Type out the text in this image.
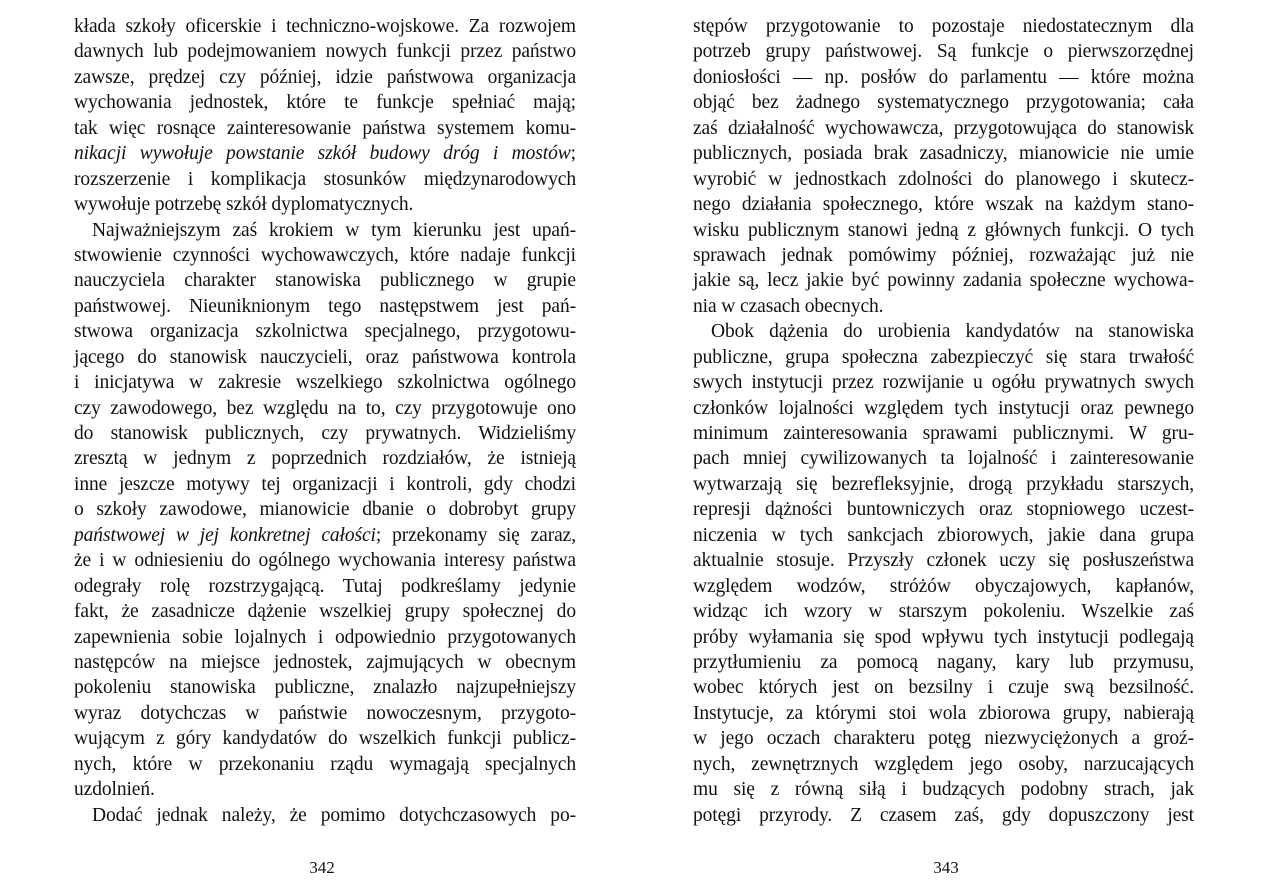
kłada szkoły oficerskie i techniczno-wojskowe. Za rozwojem
dawnych lub podejmowaniem nowych funkcji przez państwo
zawsze, prędzej czy później, idzie państwowa organizacja
wychowania jednostek, które te funkcje spełniać mają;
tak więc rosnące zainteresowanie państwa systemem komu-
nikacji wywołuje powstanie szkół budowy dróg i mostów;
rozszerzenie i komplikacja stosunków międzynarodowych
wywołuje potrzebę szkół dyplomatycznych.
Najważniejszym zaś krokiem w tym kierunku jest upań-
stwowienie czynności wychowawczych, które nadaje funkcji
nauczyciela charakter stanowiska publicznego w grupie
państwowej. Nieuniknionym tego następstwem jest pań-
stwowa organizacja szkolnictwa specjalnego, przygotowu-
jącego do stanowisk nauczycieli, oraz państwowa kontrola
i inicjatywa w zakresie wszelkiego szkolnictwa ogólnego
czy zawodowego, bez względu na to, czy przygotowuje ono
do stanowisk publicznych, czy prywatnych. Widzieliśmy
zresztą w jednym z poprzednich rozdziałów, że istnieją
inne jeszcze motywy tej organizacji i kontroli, gdy chodzi
o szkoły zawodowe, mianowicie dbanie o dobrobyt grupy
państwowej w jej konkretnej całości; przekonamy się zaraz,
że i w odniesieniu do ogólnego wychowania interesy państwa
odegrały rolę rozstrzygającą. Tutaj podkreślamy jedynie
fakt, że zasadnicze dążenie wszelkiej grupy społecznej do
zapewnienia sobie lojalnych i odpowiednio przygotowanych
następców na miejsce jednostek, zajmujących w obecnym
pokoleniu stanowiska publiczne, znalazło najzupełniejszy
wyraz dotychczas w państwie nowoczesnym, przygoto-
wującym z góry kandydatów do wszelkich funkcji publicz-
nych, które w przekonaniu rządu wymagają specjalnych
uzdolnień.
Dodać jednak należy, że pomimo dotychczasowych po-
342
stępów przygotowanie to pozostaje niedostatecznym dla
potrzeb grupy państwowej. Są funkcje o pierwszorzędnej
doniosłości — np. posłów do parlamentu — które można
objąć bez żadnego systematycznego przygotowania; cała
zaś działalność wychowawcza, przygotowująca do stanowisk
publicznych, posiada brak zasadniczy, mianowicie nie umie
wyrobić w jednostkach zdolności do planowego i skutecz-
nego działania społecznego, które wszak na każdym stano-
wisku publicznym stanowi jedną z głównych funkcji. O tych
sprawach jednak pomówimy później, rozważając już nie
jakie są, lecz jakie być powinny zadania społeczne wychowa-
nia w czasach obecnych.
Obok dążenia do urobienia kandydatów na stanowiska
publiczne, grupa społeczna zabezpieczyć się stara trwałość
swych instytucji przez rozwijanie u ogółu prywatnych swych
członków lojalności względem tych instytucji oraz pewnego
minimum zainteresowania sprawami publicznymi. W gru-
pach mniej cywilizowanych ta lojalność i zainteresowanie
wytwarzają się bezrefleksyjnie, drogą przykładu starszych,
represji dążności buntowniczych oraz stopniowego uczest-
niczenia w tych sankcjach zbiorowych, jakie dana grupa
aktualnie stosuje. Przyszły członek uczy się posłuszeństwa
względem wodzów, stróżów obyczajowych, kapłanów,
widząc ich wzory w starszym pokoleniu. Wszelkie zaś
próby wyłamania się spod wpływu tych instytucji podlegają
przytłumieniu za pomocą nagany, kary lub przymusu,
wobec których jest on bezsilny i czuje swą bezsilność.
Instytucje, za którymi stoi wola zbiorowa grupy, nabierają
w jego oczach charakteru potęg niezwyciężonych a groź-
nych, zewnętrznych względem jego osoby, narzucających
mu się z równą siłą i budzących podobny strach, jak
potęgi przyrody. Z czasem zaś, gdy dopuszczony jest
343
